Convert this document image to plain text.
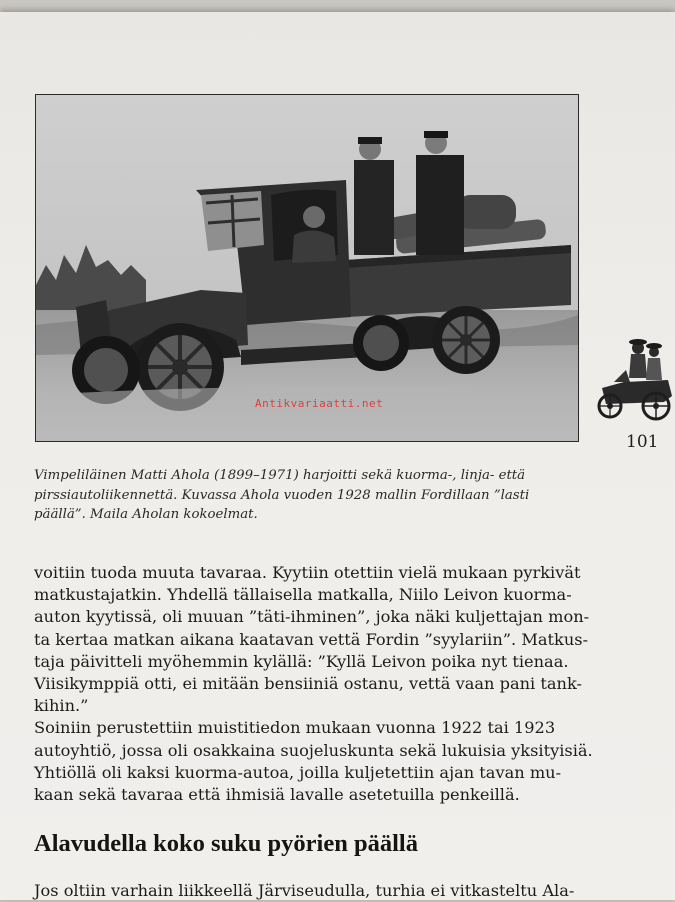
Antikvariaatti.net
101
Vimpeliläinen Matti Ahola (1899–1971) harjoitti sekä kuorma-, linja- että
pirssiautoliikennettä. Kuvassa Ahola vuoden 1928 mallin Fordillaan ”lasti
päällä”. Maila Aholan kokoelmat.
voitiin tuoda muuta tavaraa. Kyytiin otettiin vielä mukaan pyrkivät
matkustajatkin. Yhdellä tällaisella matkalla, Niilo Leivon kuorma-
auton kyytissä, oli muuan ”täti-ihminen”, joka näki kuljettajan mon-
ta kertaa matkan aikana kaatavan vettä Fordin ”syylariin”. Matkus-
taja päivitteli myöhemmin kylällä: ”Kyllä Leivon poika nyt tienaa.
Viisikymppiä otti, ei mitään bensiiniä ostanu, vettä vaan pani tank-
kihin.”
Soiniin perustettiin muistitiedon mukaan vuonna 1922 tai 1923
autoyhtiö, jossa oli osakkaina suojeluskunta sekä lukuisia yksityisiä.
Yhtiöllä oli kaksi kuorma-autoa, joilla kuljetettiin ajan tavan mu-
kaan sekä tavaraa että ihmisiä lavalle asetetuilla penkeillä.
Alavudella koko suku pyörien päällä
Jos oltiin varhain liikkeellä Järviseudulla, turhia ei vitkasteltu Ala-
